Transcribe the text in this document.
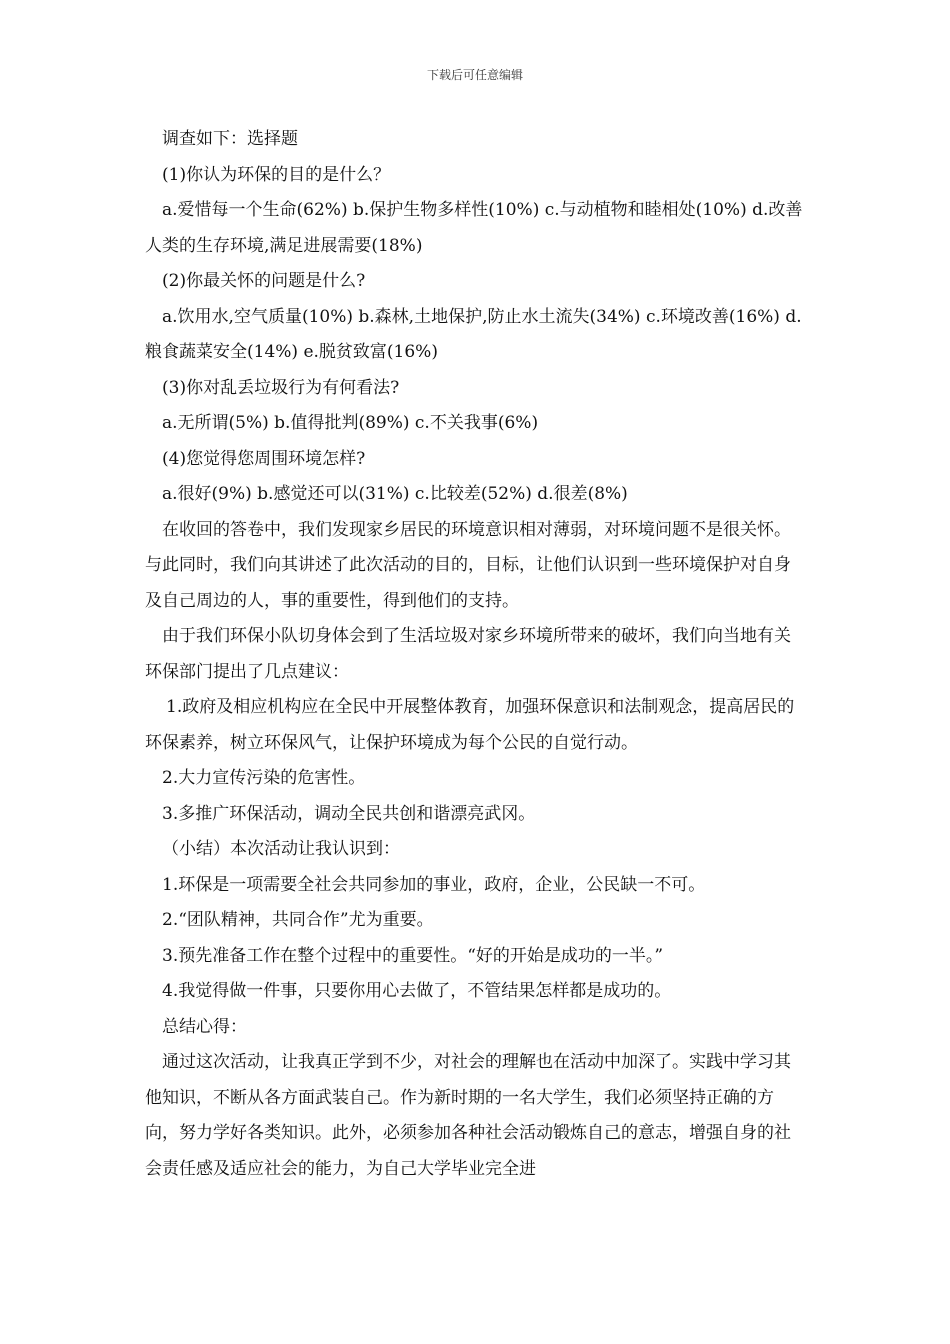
下载后可任意编辑

调查如下：选择题

(1)你认为环保的目的是什么？

a.爱惜每一个生命(62%) b.保护生物多样性(10%) c.与动植物和睦相处(10%) d.改善人类的生存环境,满足进展需要(18%)

(2)你最关怀的问题是什么?

a.饮用水,空气质量(10%) b.森林,土地保护,防止水土流失(34%) c.环境改善(16%) d.粮食蔬菜安全(14%) e.脱贫致富(16%)

(3)你对乱丢垃圾行为有何看法?

a.无所谓(5%) b.值得批判(89%) c.不关我事(6%)

(4)您觉得您周围环境怎样?

a.很好(9%) b.感觉还可以(31%) c.比较差(52%) d.很差(8%)

在收回的答卷中，我们发现家乡居民的环境意识相对薄弱，对环境问题不是很关怀。与此同时，我们向其讲述了此次活动的目的，目标，让他们认识到一些环境保护对自身及自己周边的人，事的重要性，得到他们的支持。

由于我们环保小队切身体会到了生活垃圾对家乡环境所带来的破坏，我们向当地有关环保部门提出了几点建议：

1.政府及相应机构应在全民中开展整体教育，加强环保意识和法制观念，提高居民的环保素养，树立环保风气，让保护环境成为每个公民的自觉行动。

2.大力宣传污染的危害性。

3.多推广环保活动，调动全民共创和谐漂亮武冈。

（小结）本次活动让我认识到：

1.环保是一项需要全社会共同参加的事业，政府，企业，公民缺一不可。

2.“团队精神，共同合作”尤为重要。

3.预先准备工作在整个过程中的重要性。“好的开始是成功的一半。”

4.我觉得做一件事，只要你用心去做了，不管结果怎样都是成功的。

总结心得：

通过这次活动，让我真正学到不少，对社会的理解也在活动中加深了。实践中学习其他知识，不断从各方面武装自己。作为新时期的一名大学生，我们必须坚持正确的方向，努力学好各类知识。此外，必须参加各种社会活动锻炼自己的意志，增强自身的社会责任感及适应社会的能力，为自己大学毕业完全进
